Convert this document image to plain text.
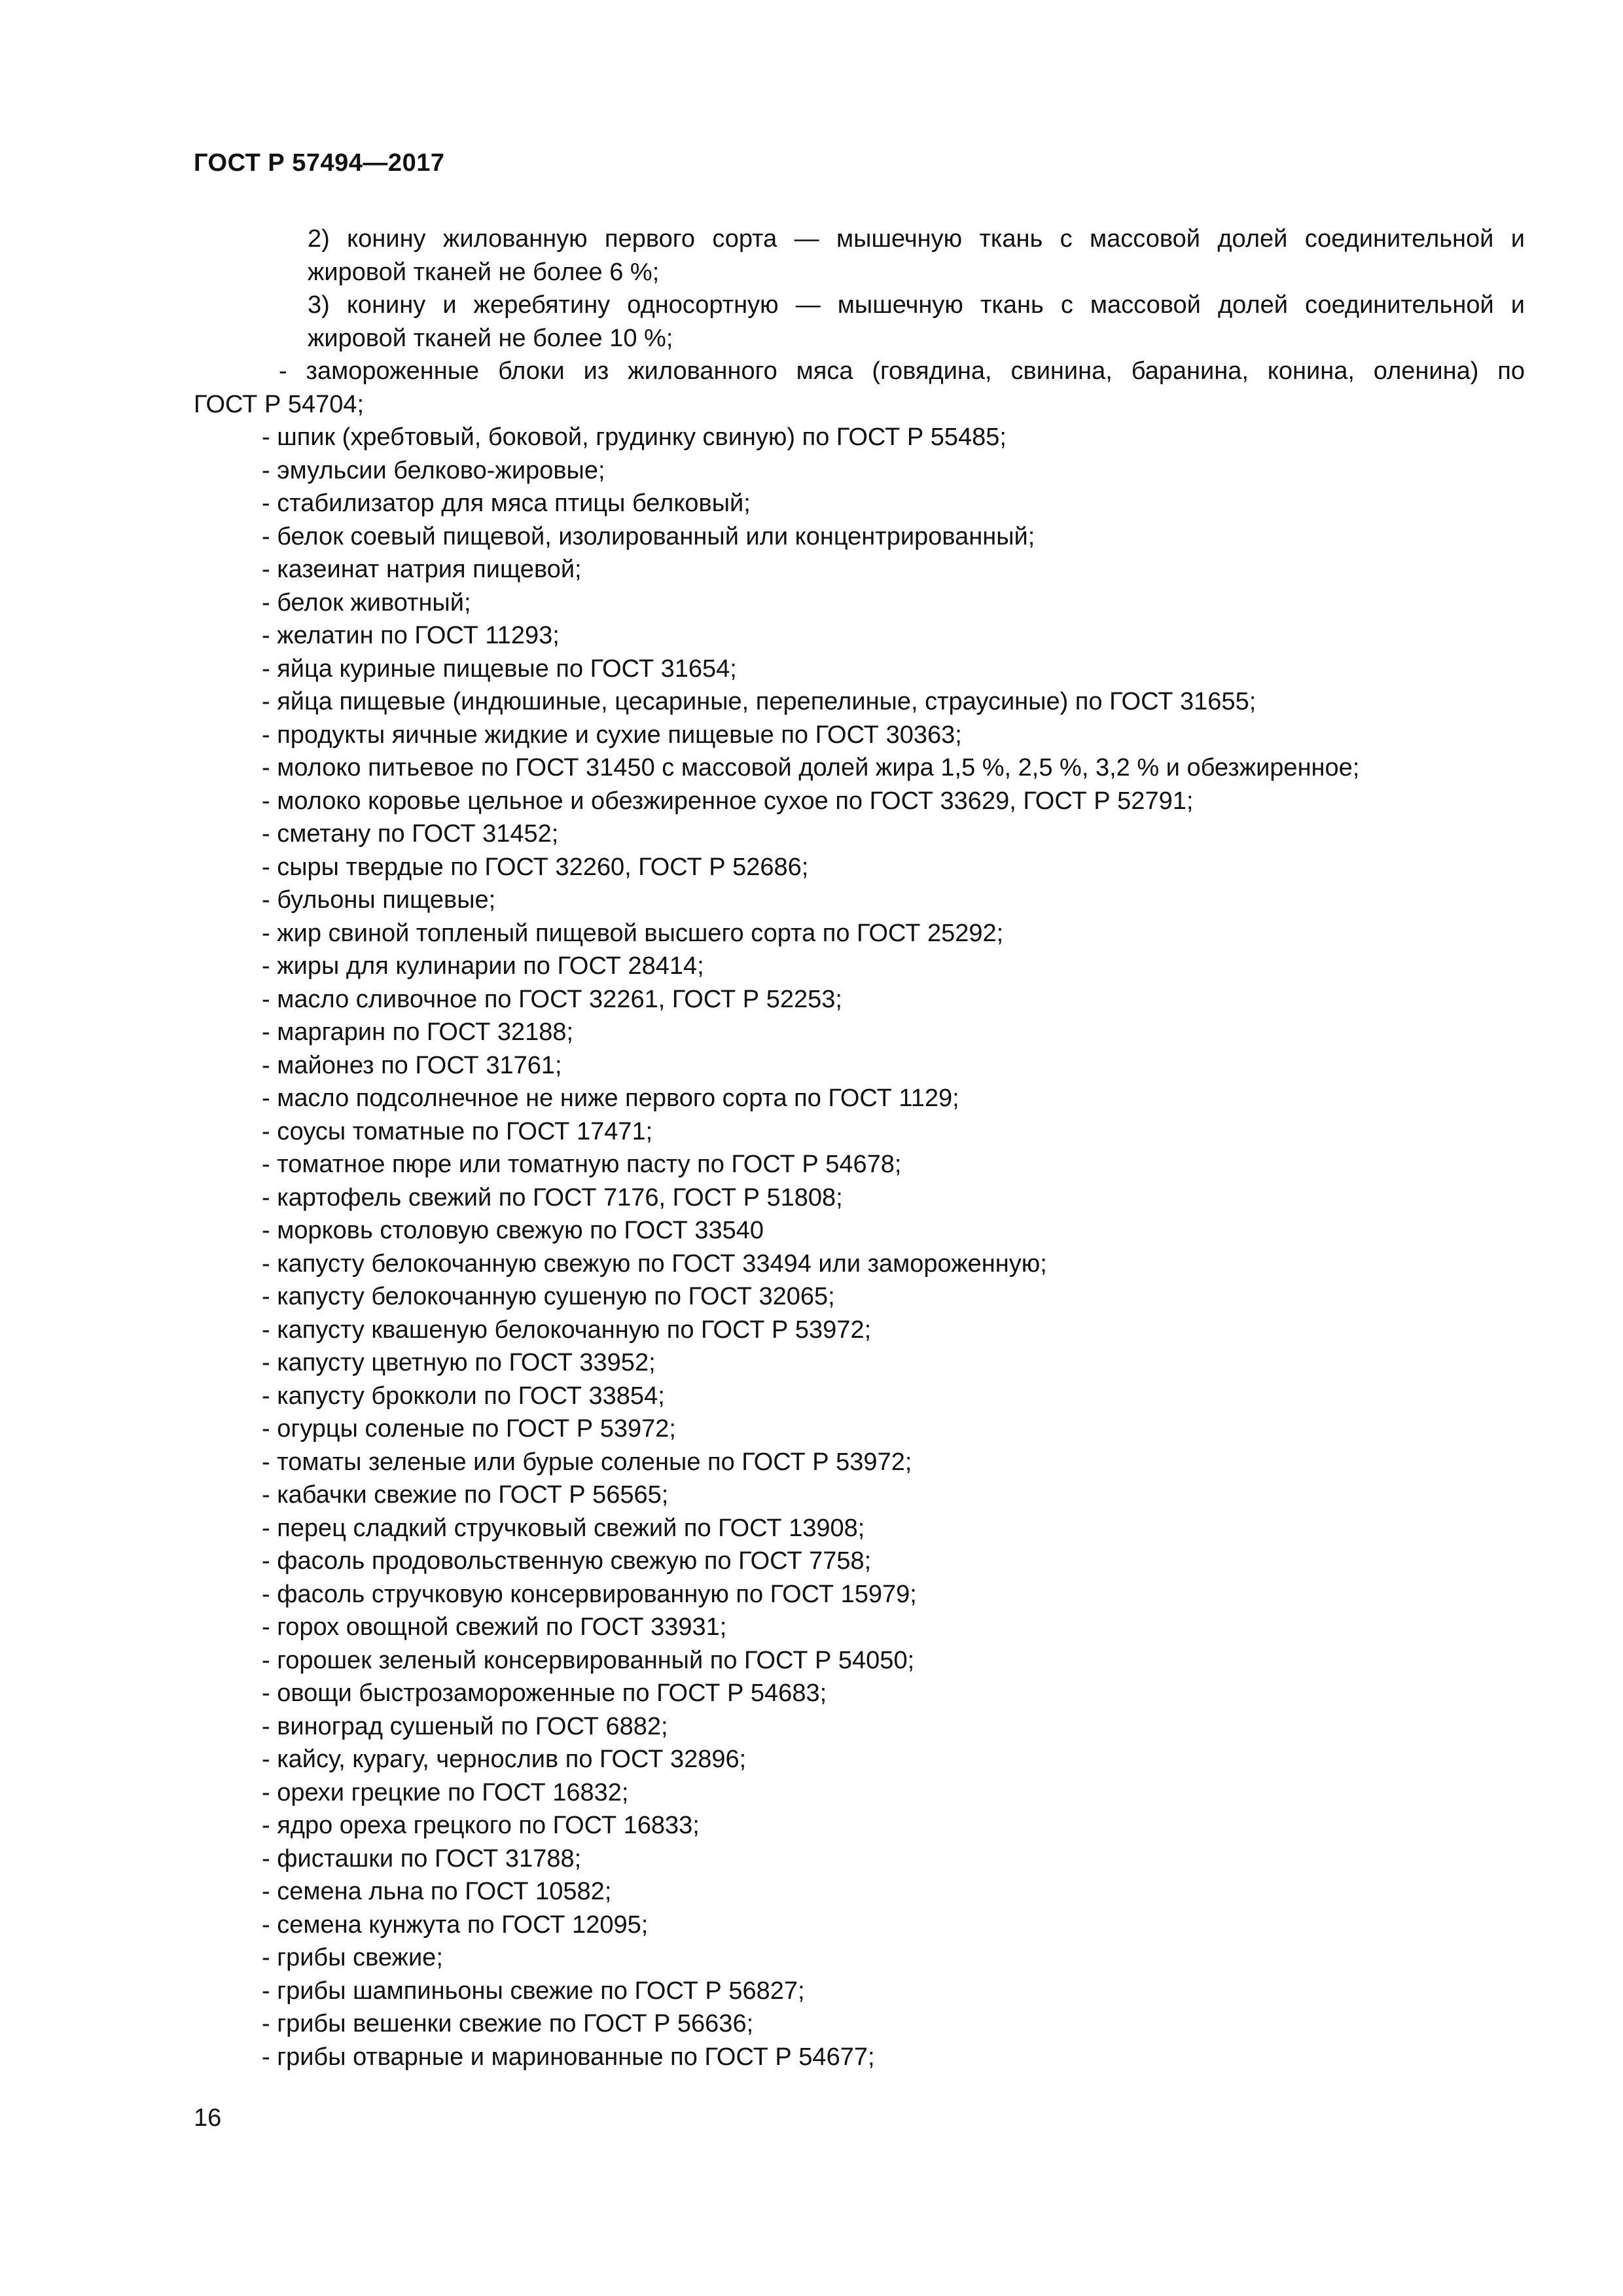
ГОСТ Р 57494—2017
2) конину жилованную первого сорта — мышечную ткань с массовой долей соединительной и
жировой тканей не более 6 %;
3) конину и жеребятину односортную — мышечную ткань с массовой долей соединительной и
жировой тканей не более 10 %;
- замороженные блоки из жилованного мяса (говядина, свинина, баранина, конина, оленина) по
ГОСТ Р 54704;
- шпик (хребтовый, боковой, грудинку свиную) по ГОСТ Р 55485;
- эмульсии белково-жировые;
- стабилизатор для мяса птицы белковый;
- белок соевый пищевой, изолированный или концентрированный;
- казеинат натрия пищевой;
- белок животный;
- желатин по ГОСТ 11293;
- яйца куриные пищевые по ГОСТ 31654;
- яйца пищевые (индюшиные, цесариные, перепелиные, страусиные) по ГОСТ 31655;
- продукты яичные жидкие и сухие пищевые по ГОСТ 30363;
- молоко питьевое по ГОСТ 31450 с массовой долей жира 1,5 %, 2,5 %, 3,2 % и обезжиренное;
- молоко коровье цельное и обезжиренное сухое по ГОСТ 33629, ГОСТ Р 52791;
- сметану по ГОСТ 31452;
- сыры твердые по ГОСТ 32260, ГОСТ Р 52686;
- бульоны пищевые;
- жир свиной топленый пищевой высшего сорта по ГОСТ 25292;
- жиры для кулинарии по ГОСТ 28414;
- масло сливочное по ГОСТ 32261, ГОСТ Р 52253;
- маргарин по ГОСТ 32188;
- майонез по ГОСТ 31761;
- масло подсолнечное не ниже первого сорта по ГОСТ 1129;
- соусы томатные по ГОСТ 17471;
- томатное пюре или томатную пасту по ГОСТ Р 54678;
- картофель свежий по ГОСТ 7176, ГОСТ Р 51808;
- морковь столовую свежую по ГОСТ 33540
- капусту белокочанную свежую по ГОСТ 33494 или замороженную;
- капусту белокочанную сушеную по ГОСТ 32065;
- капусту квашеную белокочанную по ГОСТ Р 53972;
- капусту цветную по ГОСТ 33952;
- капусту брокколи по ГОСТ 33854;
- огурцы соленые по ГОСТ Р 53972;
- томаты зеленые или бурые соленые по ГОСТ Р 53972;
- кабачки свежие по ГОСТ Р 56565;
- перец сладкий стручковый свежий по ГОСТ 13908;
- фасоль продовольственную свежую по ГОСТ 7758;
- фасоль стручковую консервированную по ГОСТ 15979;
- горох овощной свежий по ГОСТ 33931;
- горошек зеленый консервированный по ГОСТ Р 54050;
- овощи быстрозамороженные по ГОСТ Р 54683;
- виноград сушеный по ГОСТ 6882;
- кайсу, курагу, чернослив по ГОСТ 32896;
- орехи грецкие по ГОСТ 16832;
- ядро ореха грецкого по ГОСТ 16833;
- фисташки по ГОСТ 31788;
- семена льна по ГОСТ 10582;
- семена кунжута по ГОСТ 12095;
- грибы свежие;
- грибы шампиньоны свежие по ГОСТ Р 56827;
- грибы вешенки свежие по ГОСТ Р 56636;
- грибы отварные и маринованные по ГОСТ Р 54677;
16
